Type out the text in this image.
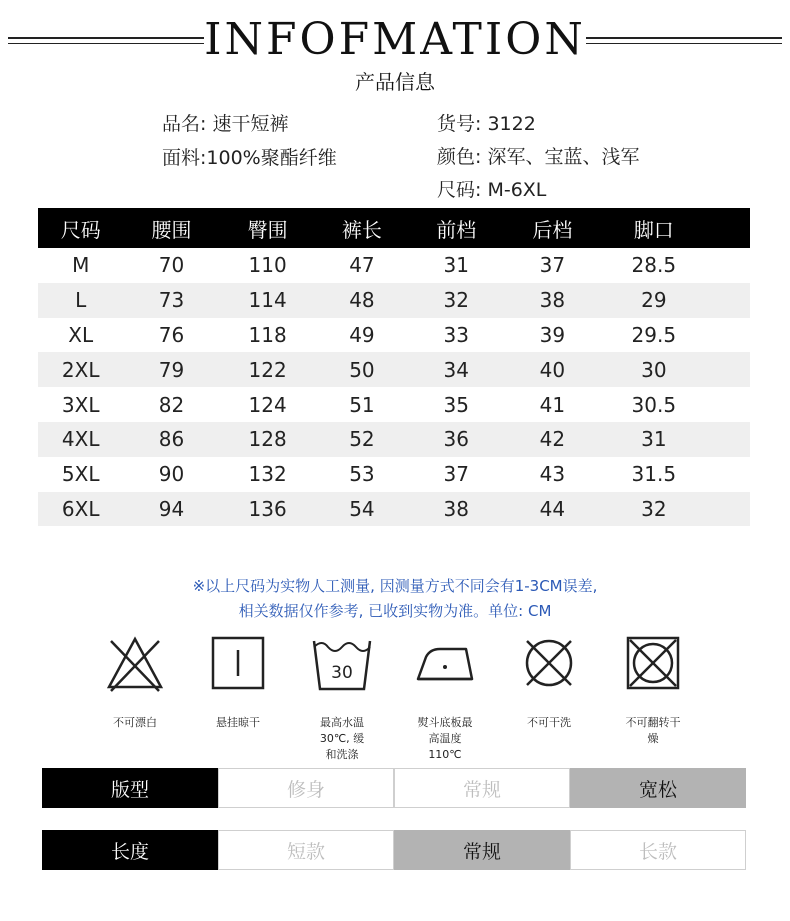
INFOFMATION
产品信息
品名: 速干短裤
面料:100%聚酯纤维
货号: 3122
颜色: 深军、宝蓝、浅军
尺码: M-6XL
尺码	腰围	臀围	裤长	前档	后档	脚口
M	70	110	47	31	37	28.5
L	73	114	48	32	38	29
XL	76	118	49	33	39	29.5
2XL	79	122	50	34	40	30
3XL	82	124	51	35	41	30.5
4XL	86	128	52	36	42	31
5XL	90	132	53	37	43	31.5
6XL	94	136	54	38	44	32
※以上尺码为实物人工测量, 因测量方式不同会有1-3CM误差,
相关数据仅作参考, 已收到实物为准。单位: CM
不可漂白	悬挂晾干
30
最高水温
30℃, 缓
和洗涤
熨斗底板最
高温度
110℃
不可干洗	不可翻转干
燥
版型	修身	常规	宽松
长度	短款	常规	长款
